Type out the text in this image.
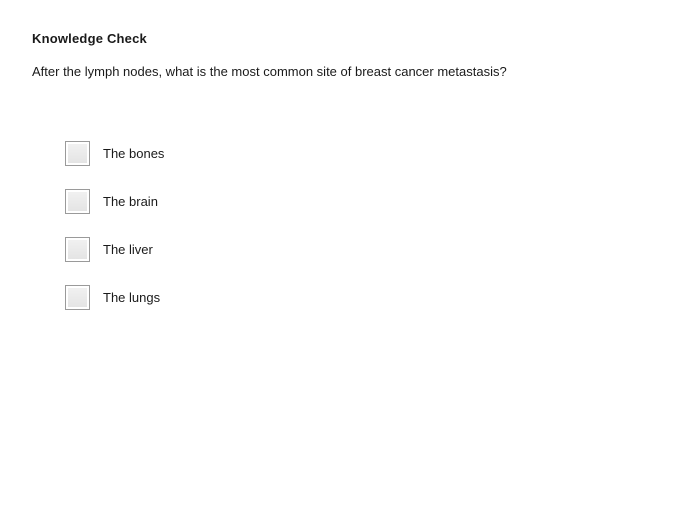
Knowledge Check
After the lymph nodes, what is the most common site of breast cancer metastasis?
The bones
The brain
The liver
The lungs
